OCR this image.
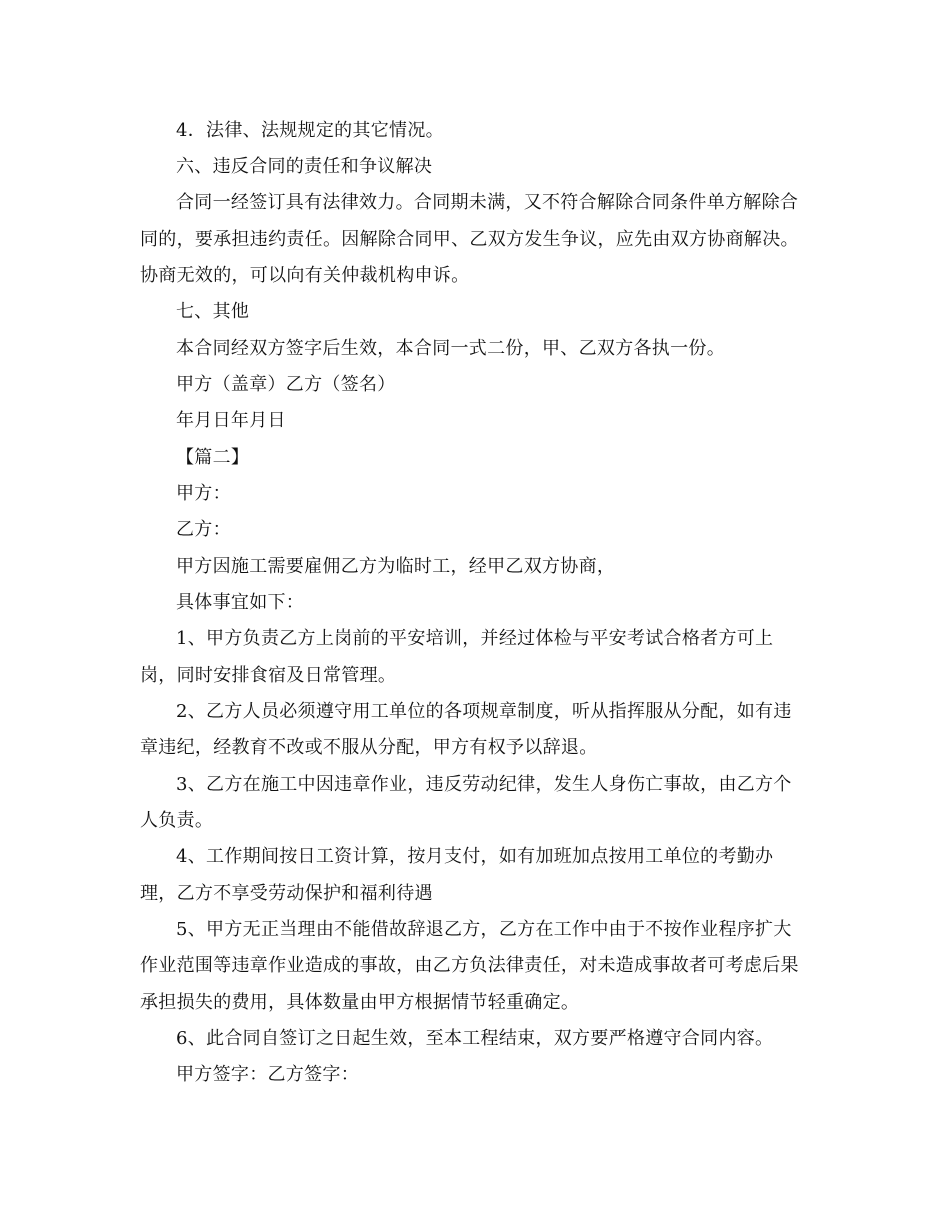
4．法律、法规规定的其它情况。
六、违反合同的责任和争议解决
合同一经签订具有法律效力。合同期未满，又不符合解除合同条件单方解除合
同的，要承担违约责任。因解除合同甲、乙双方发生争议，应先由双方协商解决。
协商无效的，可以向有关仲裁机构申诉。
七、其他
本合同经双方签字后生效，本合同一式二份，甲、乙双方各执一份。
甲方（盖章）乙方（签名）
年月日年月日
【篇二】
甲方：
乙方：
甲方因施工需要雇佣乙方为临时工，经甲乙双方协商，
具体事宜如下：
1、甲方负责乙方上岗前的平安培训，并经过体检与平安考试合格者方可上
岗，同时安排食宿及日常管理。
2、乙方人员必须遵守用工单位的各项规章制度，听从指挥服从分配，如有违
章违纪，经教育不改或不服从分配，甲方有权予以辞退。
3、乙方在施工中因违章作业，违反劳动纪律，发生人身伤亡事故，由乙方个
人负责。
4、工作期间按日工资计算，按月支付，如有加班加点按用工单位的考勤办
理，乙方不享受劳动保护和福利待遇
5、甲方无正当理由不能借故辞退乙方，乙方在工作中由于不按作业程序扩大
作业范围等违章作业造成的事故，由乙方负法律责任，对未造成事故者可考虑后果
承担损失的费用，具体数量由甲方根据情节轻重确定。
6、此合同自签订之日起生效，至本工程结束，双方要严格遵守合同内容。
甲方签字：乙方签字：
